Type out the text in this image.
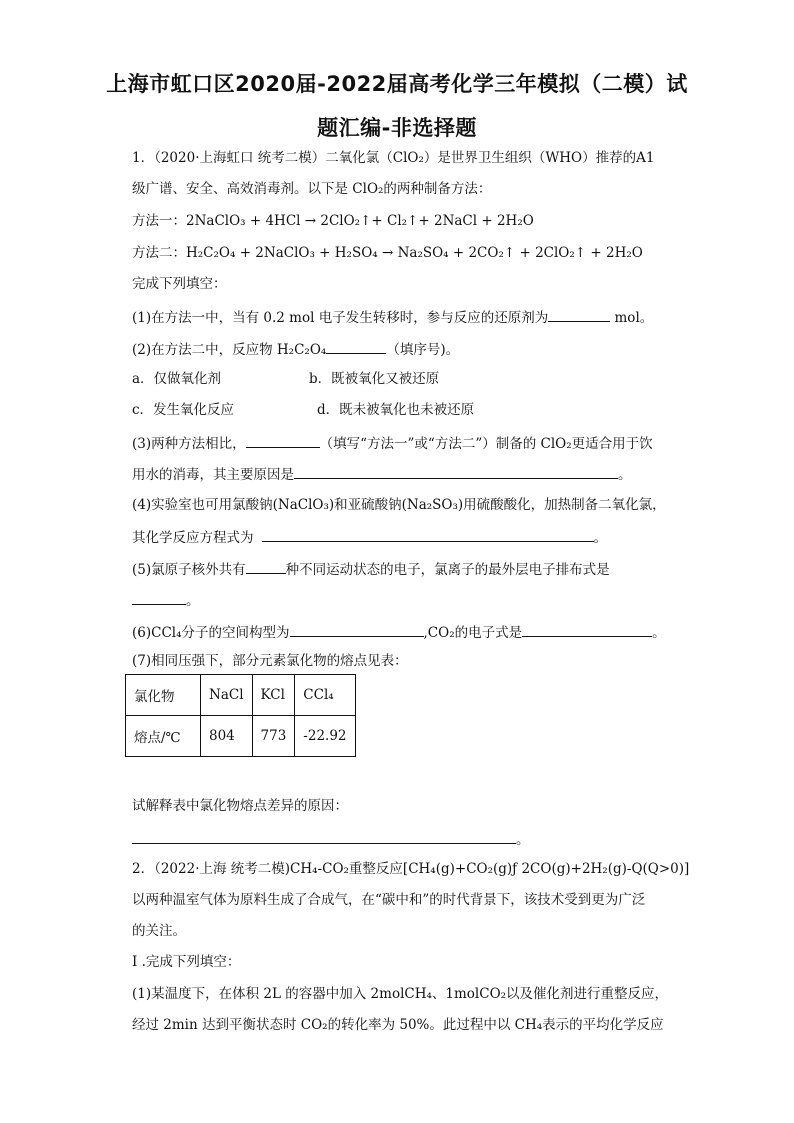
上海市虹口区2020届-2022届高考化学三年模拟（二模）试
题汇编-非选择题
1．（2020·上海虹口 统考二模）二氧化氯（ClO₂）是世界卫生组织（WHO）推荐的A1
级广谱、安全、高效消毒剂。以下是 ClO₂的两种制备方法：
方法一：2NaClO₃ + 4HCl → 2ClO₂↑+ Cl₂↑+ 2NaCl + 2H₂O
方法二：H₂C₂O₄ + 2NaClO₃ + H₂SO₄ → Na₂SO₄ + 2CO₂↑ + 2ClO₂↑ + 2H₂O
完成下列填空：
(1)在方法一中，当有 0.2 mol 电子发生转移时，参与反应的还原剂为	mol。
(2)在方法二中，反应物 H₂C₂O₄	（填序号)。
a．仅做氧化剂	b．既被氧化又被还原
c．发生氧化反应	d．既未被氧化也未被还原
(3)两种方法相比，	（填写“方法一”或“方法二”）制备的 ClO₂更适合用于饮
用水的消毒，其主要原因是	。
(4)实验室也可用氯酸钠(NaClO₃)和亚硫酸钠(Na₂SO₃)用硫酸酸化，加热制备二氧化氯，
其化学反应方程式为	。
(5)氯原子核外共有	种不同运动状态的电子，氯离子的最外层电子排布式是
。
(6)CCl₄分子的空间构型为	,CO₂的电子式是	。
(7)相同压强下，部分元素氯化物的熔点见表：
氯化物	NaCl	KCl	CCl₄
熔点/℃	804	773	-22.92
试解释表中氯化物熔点差异的原因：
。
2．（2022·上海 统考二模)CH₄-CO₂重整反应[CH₄(g)+CO₂(g)ƒ 2CO(g)+2H₂(g)-Q(Q>0)]
以两种温室气体为原料生成了合成气，在“碳中和”的时代背景下，该技术受到更为广泛
的关注。
I .完成下列填空：
(1)某温度下，在体积 2L 的容器中加入 2molCH₄、1molCO₂以及催化剂进行重整反应，
经过 2min 达到平衡状态时 CO₂的转化率为 50%。此过程中以 CH₄表示的平均化学反应
